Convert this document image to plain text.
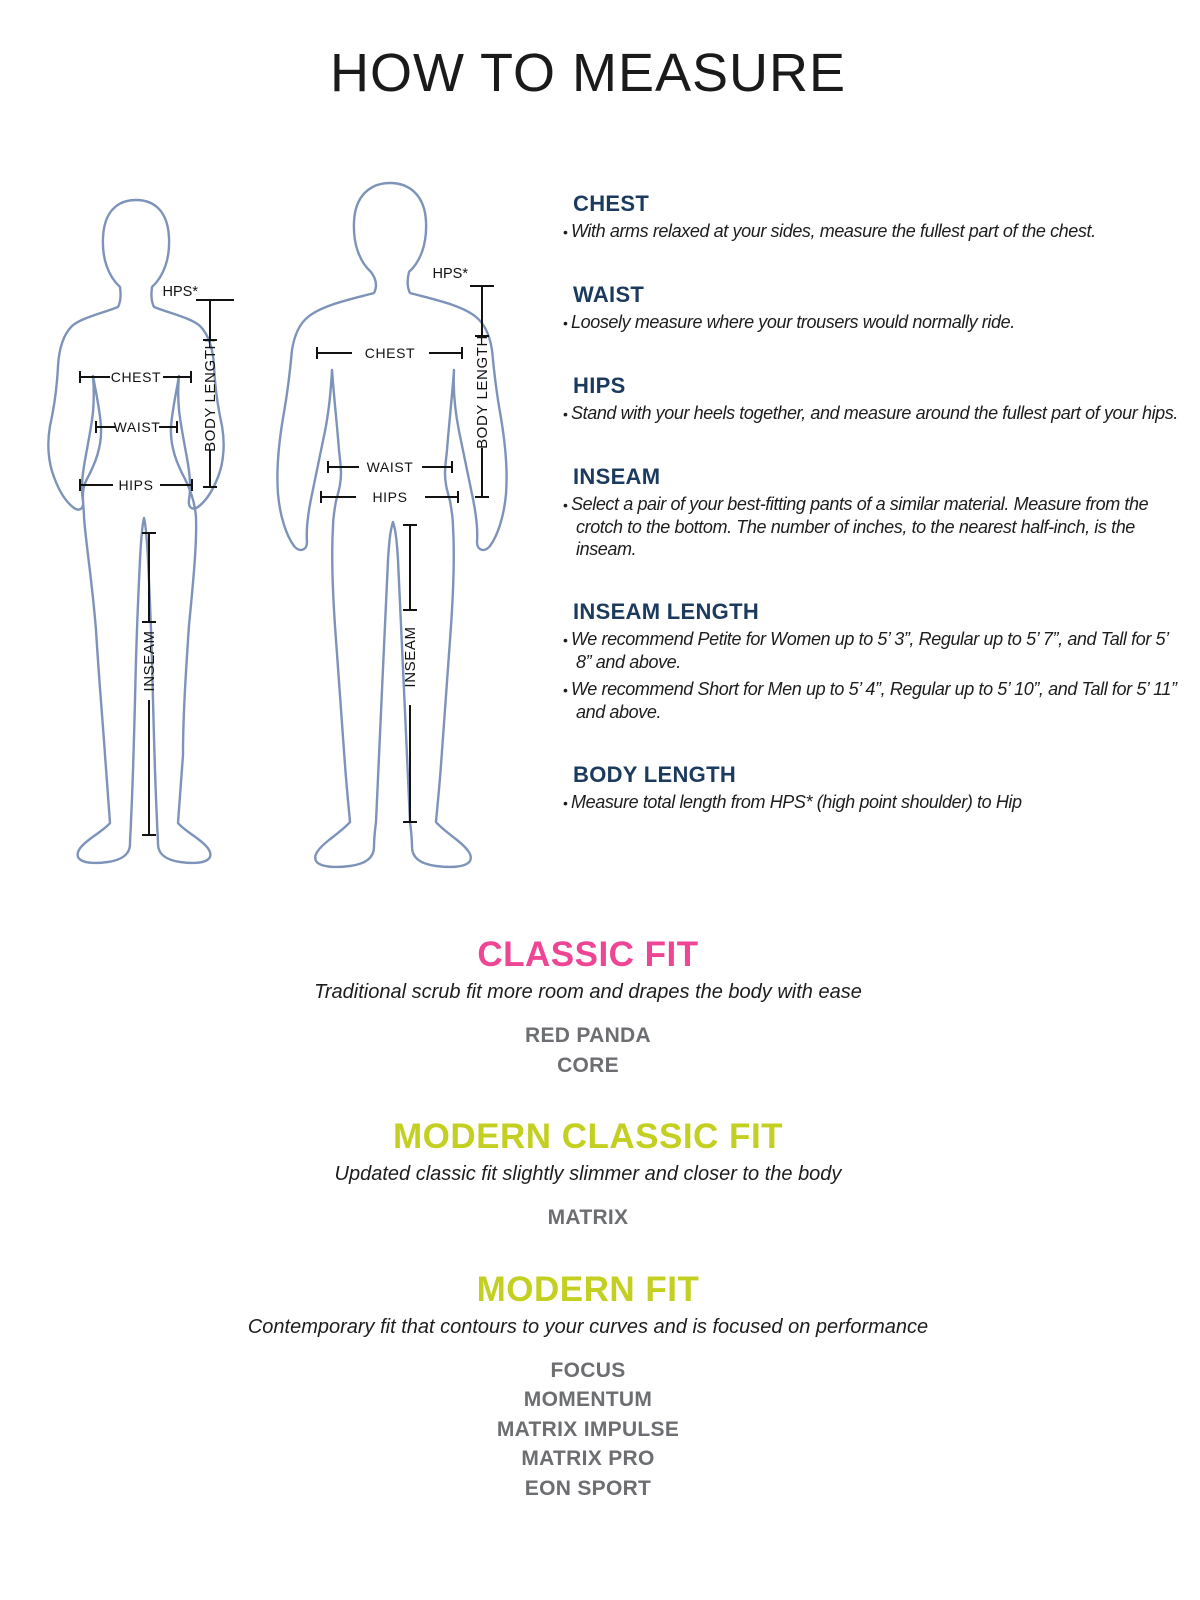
HOW TO MEASURE
HPS*
BODY LENGTH
CHEST
WAIST
HIPS
INSEAM
HPS*
BODY LENGTH
CHEST
WAIST
HIPS
INSEAM
CHEST

• With arms relaxed at your sides, measure the fullest part of the chest.

WAIST

• Loosely measure where your trousers would normally ride.

HIPS

• Stand with your heels together, and measure around the fullest part of your hips.

INSEAM

• Select a pair of your best-fitting pants of a similar material. Measure from the crotch to the bottom. The number of inches, to the nearest half-inch, is the inseam.

INSEAM LENGTH

• We recommend Petite for Women up to 5’ 3”, Regular up to 5’ 7”, and Tall for 5’ 8” and above.

• We recommend Short for Men up to 5’ 4”, Regular up to 5’ 10”, and Tall for 5’ 11” and above.

BODY LENGTH

• Measure total length from HPS* (high point shoulder) to Hip

CLASSIC FIT
Traditional scrub fit more room and drapes the body with ease
RED PANDA
CORE
MODERN CLASSIC FIT
Updated classic fit slightly slimmer and closer to the body
MATRIX
MODERN FIT
Contemporary fit that contours to your curves and is focused on performance
FOCUS
MOMENTUM
MATRIX IMPULSE
MATRIX PRO
EON SPORT
